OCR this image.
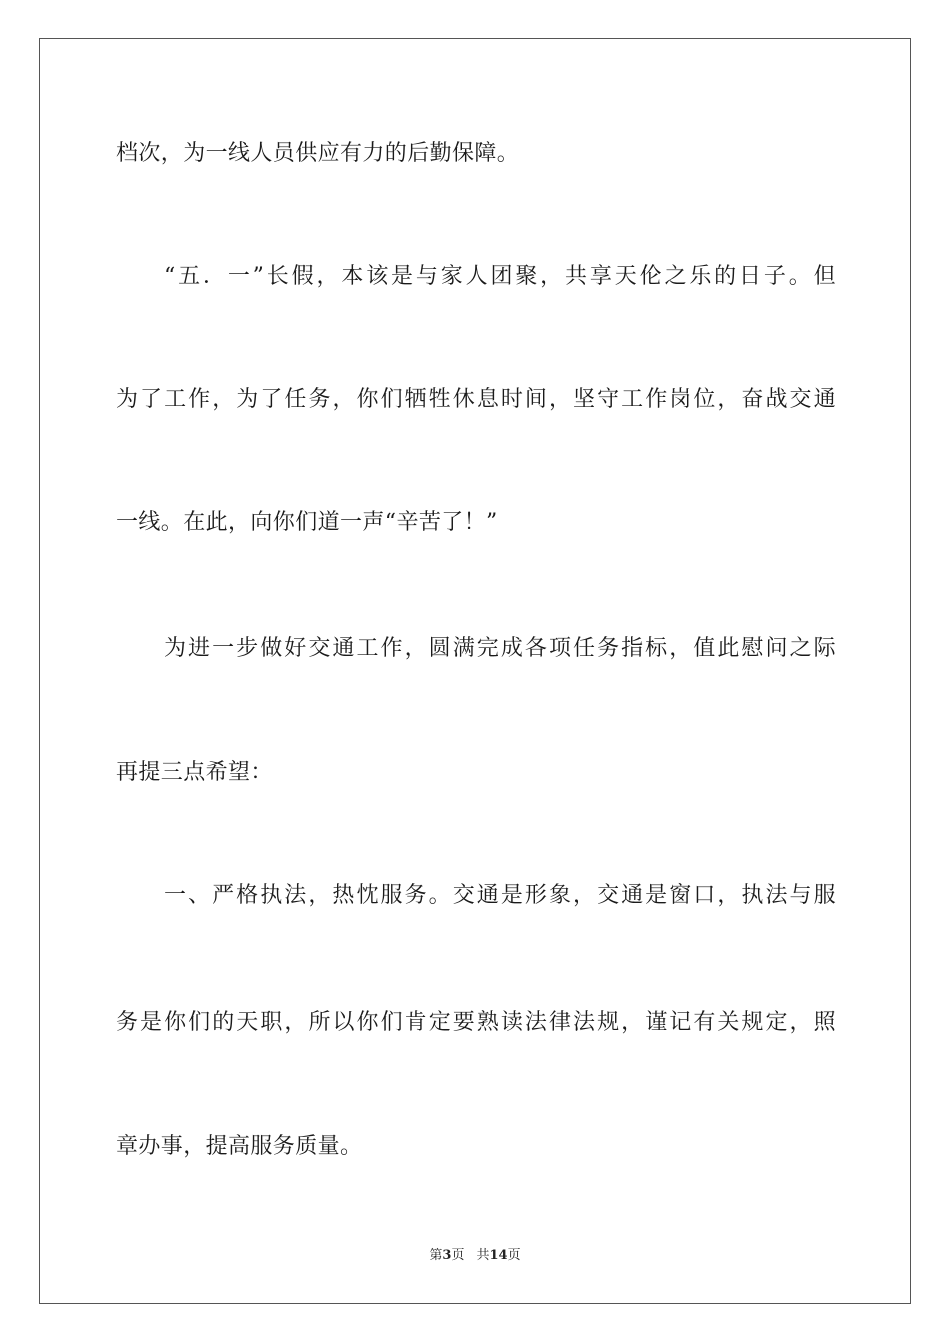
档次，为一线人员供应有力的后勤保障。
“五．一”长假，本该是与家人团聚，共享天伦之乐的日子。但
为了工作，为了任务，你们牺牲休息时间，坚守工作岗位，奋战交通
一线。在此，向你们道一声“辛苦了！”
为进一步做好交通工作，圆满完成各项任务指标，值此慰问之际
再提三点希望：
一、严格执法，热忱服务。交通是形象，交通是窗口，执法与服
务是你们的天职，所以你们肯定要熟读法律法规，谨记有关规定，照
章办事，提高服务质量。
第3页 共14页
